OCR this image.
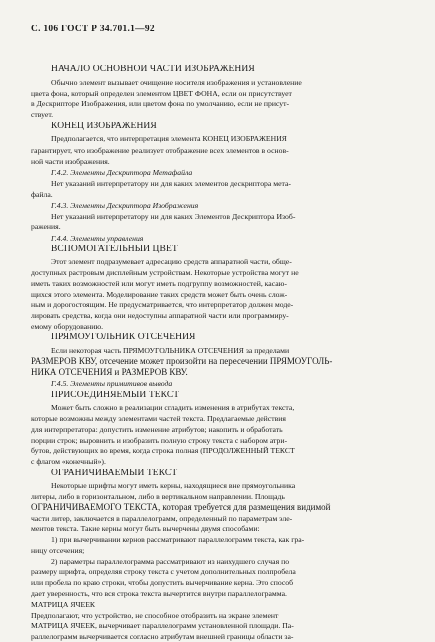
С. 106 ГОСТ Р 34.701.1—92
НАЧАЛО ОСНОВНОЙ ЧАСТИ ИЗОБРАЖЕНИЯ
Обычно элемент вызывает очищение носителя изображения и установление
цвета фона, который определен элементом ЦВЕТ ФОНА, если он присутствует
в Дескрипторе Изображения, или цветом фона по умолчанию, если не присут-
ствует.
КОНЕЦ ИЗОБРАЖЕНИЯ
Предполагается, что интерпретация элемента КОНЕЦ ИЗОБРАЖЕНИЯ
гарантирует, что изображение реализует отображение всех элементов в основ-
ной части изображения.
Г.4.2. Элементы Дескриптора Метафайла
Нет указаний интерпретатору ни для каких элементов дескриптора мета-
файла.
Г.4.3. Элементы Дескриптора Изображения
Нет указаний интерпретатору ни для каких Элементов Дескриптора Изоб-
ражения.
Г.4.4. Элементы управления
ВСПОМОГАТЕЛЬНЫЙ ЦВЕТ
Этот элемент подразумевает адресацию средств аппаратной части, обще-
доступных растровым дисплейным устройствам. Некоторые устройства могут не
иметь таких возможностей или могут иметь подгруппу возможностей, касаю-
щихся этого элемента. Моделирование таких средств может быть очень слож-
ным и дорогостоящим. Не предусматривается, что интерпретатор должен моде-
лировать средства, когда они недоступны аппаратной части или программиру-
емому оборудованию.
ПРЯМОУГОЛЬНИК ОТСЕЧЕНИЯ
Если некоторая часть ПРЯМОУГОЛЬНИКА ОТСЕЧЕНИЯ за пределами
РАЗМЕРОВ КВУ, отсечение может произойти на пересечении ПРЯМОУГОЛЬ-
НИКА ОТСЕЧЕНИЯ и РАЗМЕРОВ КВУ.
Г.4.5. Элементы примитивов вывода
ПРИСОЕДИНЯЕМЫЙ ТЕКСТ
Может быть сложно в реализации сгладить изменения в атрибутах текста,
которые возможны между элементами частей текста. Предлагаемые действия
для интерпретатора: допустить изменение атрибутов; накопить и обработать
порции строк; выровнить и изобразить полную строку текста с набором атри-
бутов, действующих во время, когда строка полная (ПРОДОЛЖЕННЫЙ ТЕКСТ
с флагом «конечный»).
ОГРАНИЧИВАЕМЫЙ ТЕКСТ
Некоторые шрифты могут иметь керны, находящиеся вне прямоугольника
литеры, либо в горизонтальном, либо в вертикальном направлении. Площадь
ОГРАНИЧИВАЕМОГО ТЕКСТА, которая требуется для размещения видимой
части литер, заключается в параллелограмм, определенный по параметрам эле-
ментов текста. Такие керны могут быть вычерчены двумя способами:
1) при вычерчивании кернов рассматривают параллелограмм текста, как гра-
ницу отсечения;
2) параметры параллелограмма рассматривают из наихудшего случая по
размеру шрифта, определяя строку текста с учетом дополнительных полпробела
или пробела по краю строки, чтобы допустить вычерчивание керна. Это способ
дает уверенность, что вся строка текста вычертится внутри параллелограмма.
МАТРИЦА ЯЧЕЕК
Предполагают, что устройство, не способное отобразить на экране элемент
МАТРИЦА ЯЧЕЕК, вычерчивает параллелограмм установленной площади. Па-
раллелограмм вычерчивается согласно атрибутам внешней границы области за-
